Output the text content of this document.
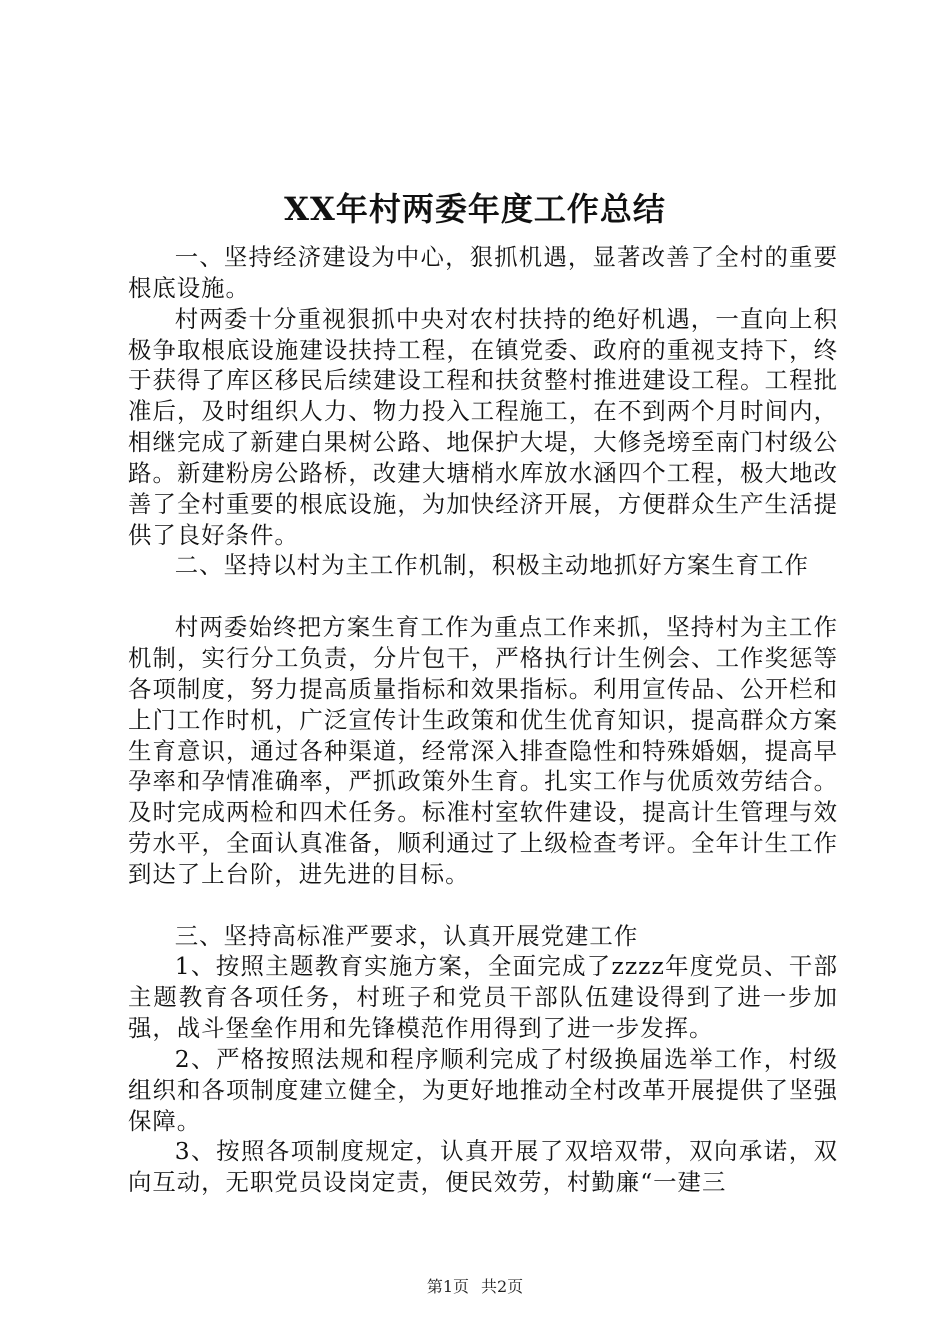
XX年村两委年度工作总结

一、坚持经济建设为中心，狠抓机遇，显著改善了全村的重要根底设施。

村两委十分重视狠抓中央对农村扶持的绝好机遇，一直向上积极争取根底设施建设扶持工程，在镇党委、政府的重视支持下，终于获得了库区移民后续建设工程和扶贫整村推进建设工程。工程批准后，及时组织人力、物力投入工程施工，在不到两个月时间内，相继完成了新建白果树公路、地保护大堤，大修尧塝至南门村级公路。新建粉房公路桥，改建大塘梢水库放水涵四个工程，极大地改善了全村重要的根底设施，为加快经济开展，方便群众生产生活提供了良好条件。

二、坚持以村为主工作机制，积极主动地抓好方案生育工作

村两委始终把方案生育工作为重点工作来抓，坚持村为主工作机制，实行分工负责，分片包干，严格执行计生例会、工作奖惩等各项制度，努力提高质量指标和效果指标。利用宣传品、公开栏和上门工作时机，广泛宣传计生政策和优生优育知识，提高群众方案生育意识，通过各种渠道，经常深入排查隐性和特殊婚姻，提高早孕率和孕情准确率，严抓政策外生育。扎实工作与优质效劳结合。及时完成两检和四术任务。标准村室软件建设，提高计生管理与效劳水平，全面认真准备，顺利通过了上级检查考评。全年计生工作到达了上台阶，进先进的目标。

三、坚持高标准严要求，认真开展党建工作

1、按照主题教育实施方案，全面完成了zzzz年度党员、干部主题教育各项任务，村班子和党员干部队伍建设得到了进一步加强，战斗堡垒作用和先锋模范作用得到了进一步发挥。

2、严格按照法规和程序顺利完成了村级换届选举工作，村级组织和各项制度建立健全，为更好地推动全村改革开展提供了坚强保障。

3、按照各项制度规定，认真开展了双培双带，双向承诺，双向互动，无职党员设岗定责，便民效劳，村勤廉“一建三

第1页 共2页
